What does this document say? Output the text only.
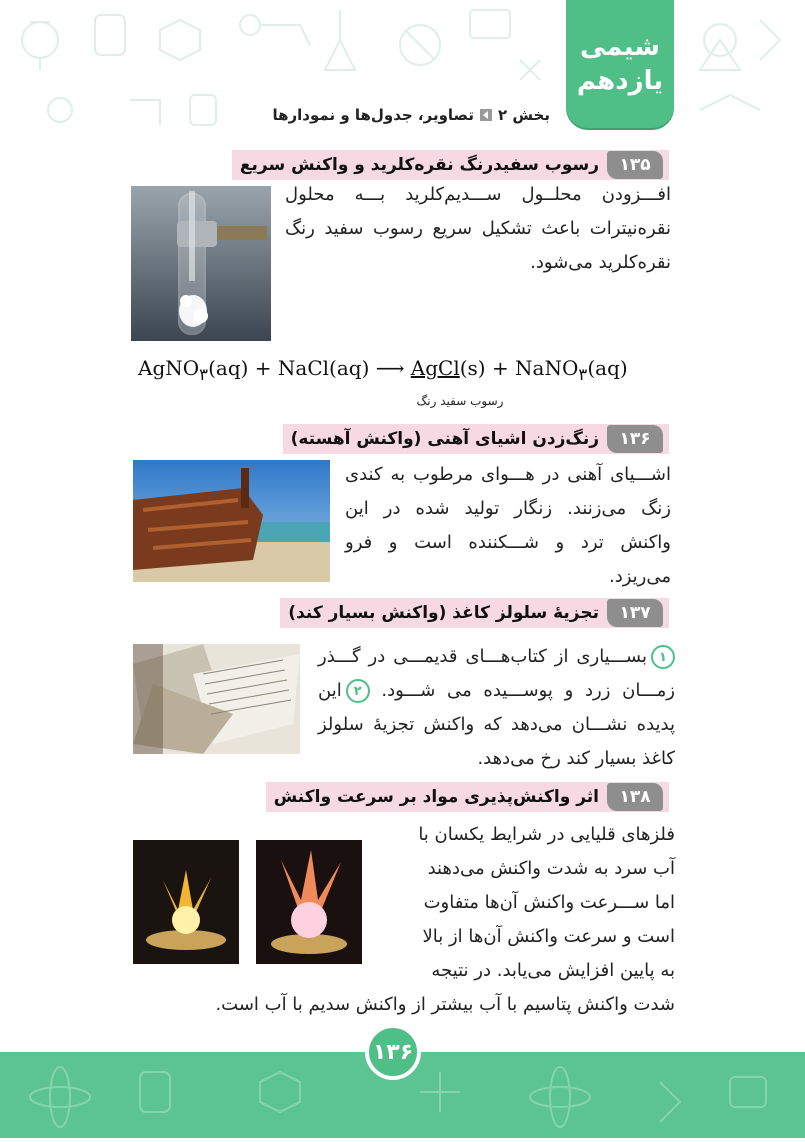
شیمی
یازدهم
بخش ۲
تصاویر، جدول‌ها و نمودارها
۱۳۵
رسوب سفیدرنگ نقره‌کلرید و واکنش سریع
افـــزودن محلــول ســـدیم‌کلرید بـــه محلول نقره‌نیترات باعث تشکیل سریع رسوب سفید رنگ نقره‌کلرید می‌شود.
AgNO$_۳$(aq) + NaCl(aq) ⟶ AgCl(s) + NaNO$_۳$(aq)
رسوب سفید رنگ
۱۳۶
زنگ‌زدن اشیای آهنی (واکنش آهسته)
اشـــیای آهنی در هـــوای مرطوب به کندی زنگ می‌زنند. زنگار تولید شده در این واکنش ترد و شـــکننده است و فرو می‌ریزد.
۱۳۷
تجزیهٔ سلولز کاغذ (واکنش بسیار کند)
۱بســـیاری از کتاب‌هـــای قدیمـــی در گـــذر زمـــان زرد و پوســـیده می شـــود. ۲این پدیده نشـــان می‌دهد که واکنش تجزیهٔ سلولز کاغذ بسیار کند رخ می‌دهد.
۱۳۸
اثر واکنش‌پذیری مواد بر سرعت واکنش
فلزهای قلیایی در شرایط یکسان با
آب سرد به شدت واکنش می‌دهند
اما ســـرعت واکنش آن‌ها متفاوت
است و سرعت واکنش آن‌ها از بالا
به پایین افزایش می‌یابد. در نتیجه
شدت واکنش پتاسیم با آب بیشتر از واکنش سدیم با آب است.
۱۳۶
